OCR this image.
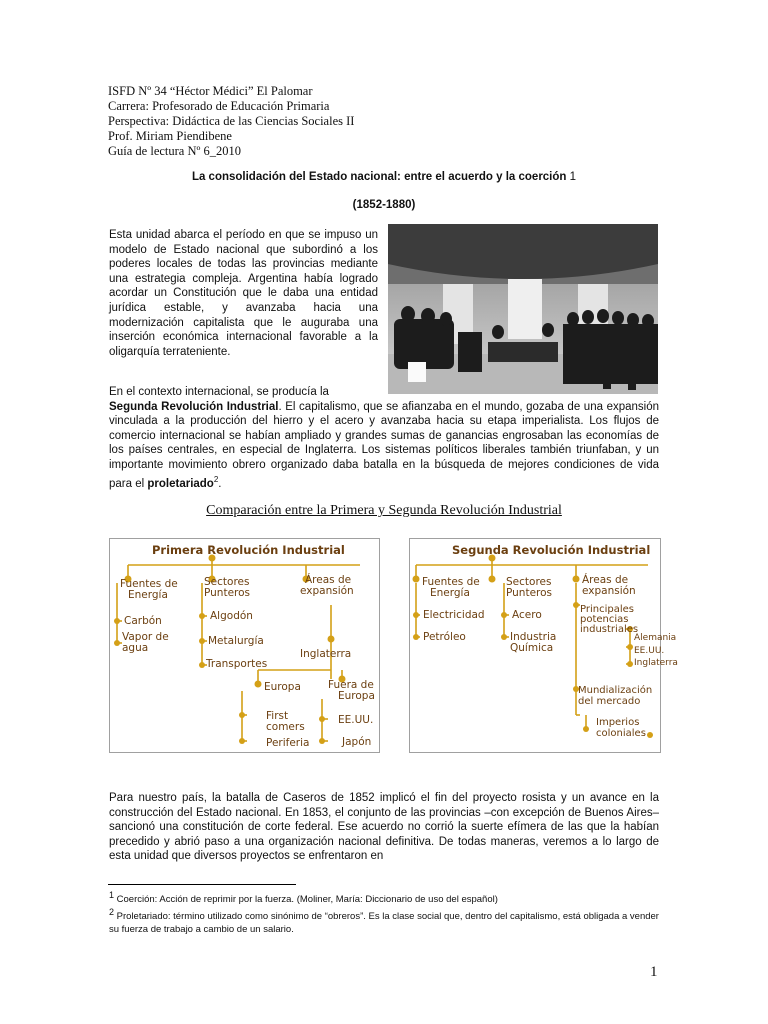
ISFD Nº 34 “Héctor Médici” El Palomar
Carrera: Profesorado de Educación Primaria
Perspectiva: Didáctica de las Ciencias Sociales II
Prof. Miriam Piendibene
Guía de lectura Nº 6_2010
La consolidación del Estado nacional: entre el acuerdo y la coerción 1
(1852-1880)
Esta unidad abarca el período en que se impuso un modelo de Estado nacional que subordinó a los poderes locales de todas las provincias mediante una estrategia compleja. Argentina había logrado acordar un Constitución que le daba una entidad jurídica estable, y avanzaba hacia una modernización capitalista que le auguraba una inserción económica internacional favorable a la oligarquía terrateniente.
En el contexto internacional, se producía la
Segunda Revolución Industrial. El capitalismo, que se afianzaba en el mundo, gozaba de una expansión vinculada a la producción del hierro y el acero y avanzaba hacia su etapa imperialista. Los flujos de comercio internacional se habían ampliado y grandes sumas de ganancias engrosaban las economías de los países centrales, en especial de Inglaterra. Los sistemas políticos liberales también triunfaban, y un importante movimiento obrero organizado daba batalla en la búsqueda de mejores condiciones de vida para el proletariado$^2$.
Comparación entre la Primera y Segunda Revolución Industrial
Primera Revolución Industrial
Fuentes de
Energía
Carbón
Vapor de
agua
Sectores
Punteros
Algodón
Metalurgía
Transportes
Áreas de
expansión
Inglaterra
Europa
First
comers
Periferia
Fuera de
Europa
EE.UU.
Japón
Segunda Revolución Industrial
Fuentes de
Energía
Electricidad
Petróleo
Sectores
Punteros
Acero
Industria
Química
Áreas de
expansión
Principales
potencias
industriales
Alemania
EE.UU.
Inglaterra
Mundialización
del mercado
Imperios
coloniales
Para nuestro país, la batalla de Caseros de 1852 implicó el fin del proyecto rosista y un avance en la construcción del Estado nacional. En 1853, el conjunto de las provincias –con excepción de Buenos Aires– sancionó una constitución de corte federal. Ese acuerdo no corrió la suerte efímera de las que la habían precedido y abrió paso a una organización nacional definitiva. De todas maneras, veremos a lo largo de esta unidad que diversos proyectos se enfrentaron en
$^1$ Coerción: Acción de reprimir por la fuerza. (Moliner, María: Diccionario de uso del español)
$^2$ Proletariado: término utilizado como sinónimo de “obreros”. Es la clase social que, dentro del capitalismo, está obligada a vender su fuerza de trabajo a cambio de un salario.
1
